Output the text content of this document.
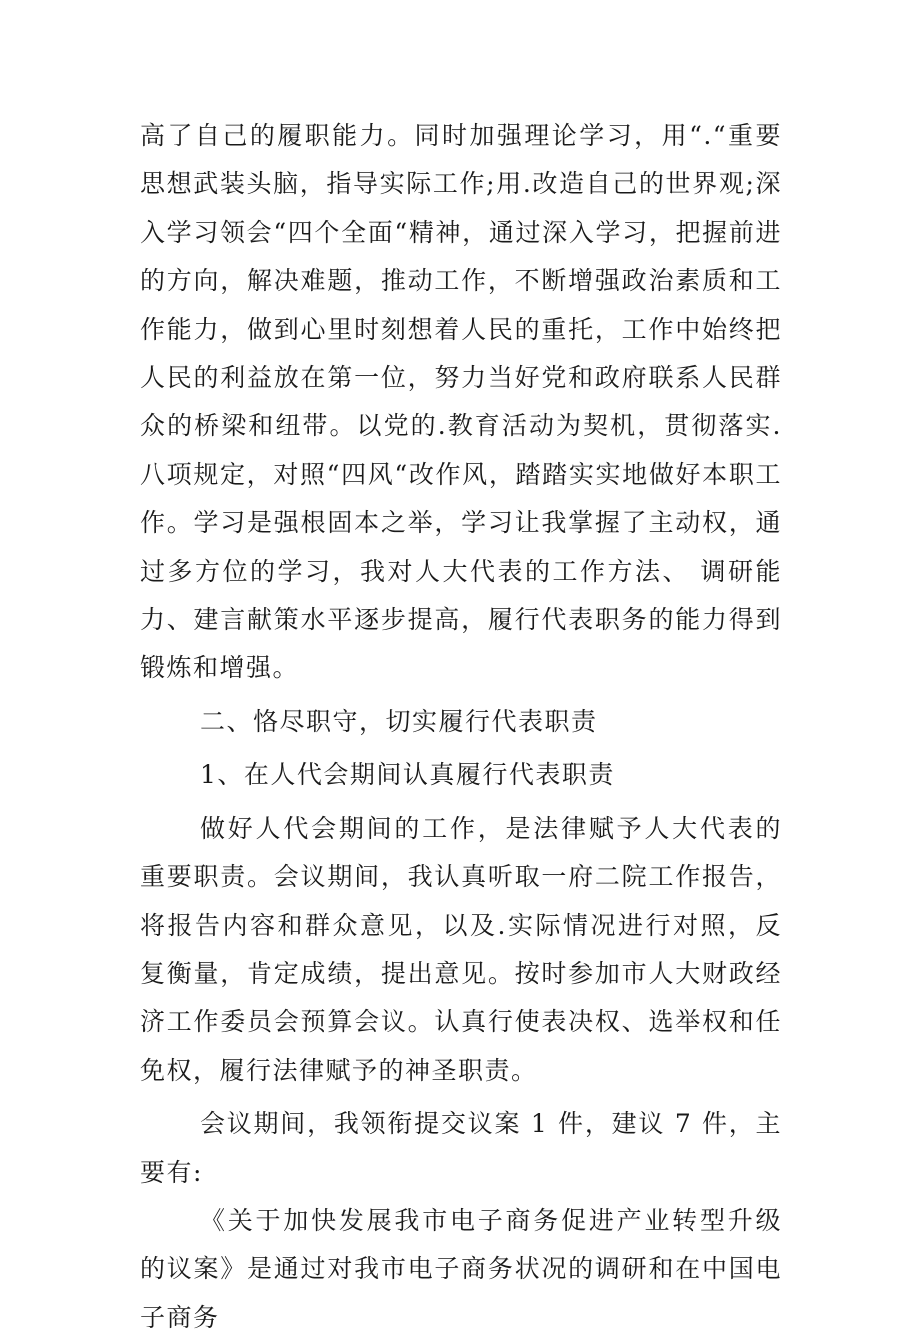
高了自己的履职能力。同时加强理论学习，用“.“重要思想武装头脑，指导实际工作;用.改造自己的世界观;深入学习领会“四个全面“精神，通过深入学习，把握前进的方向，解决难题，推动工作，不断增强政治素质和工作能力，做到心里时刻想着人民的重托，工作中始终把人民的利益放在第一位，努力当好党和政府联系人民群众的桥梁和纽带。以党的.教育活动为契机，贯彻落实.八项规定，对照“四风“改作风，踏踏实实地做好本职工作。学习是强根固本之举，学习让我掌握了主动权，通过多方位的学习，我对人大代表的工作方法、 调研能力、建言献策水平逐步提高，履行代表职务的能力得到锻炼和增强。

二、恪尽职守，切实履行代表职责

1、在人代会期间认真履行代表职责

做好人代会期间的工作，是法律赋予人大代表的重要职责。会议期间，我认真听取一府二院工作报告，将报告内容和群众意见，以及.实际情况进行对照，反复衡量，肯定成绩，提出意见。按时参加市人大财政经济工作委员会预算会议。认真行使表决权、选举权和任免权，履行法律赋予的神圣职责。

会议期间，我领衔提交议案 1 件，建议 7 件，主要有:

《关于加快发展我市电子商务促进产业转型升级的议案》是通过对我市电子商务状况的调研和在中国电子商务
